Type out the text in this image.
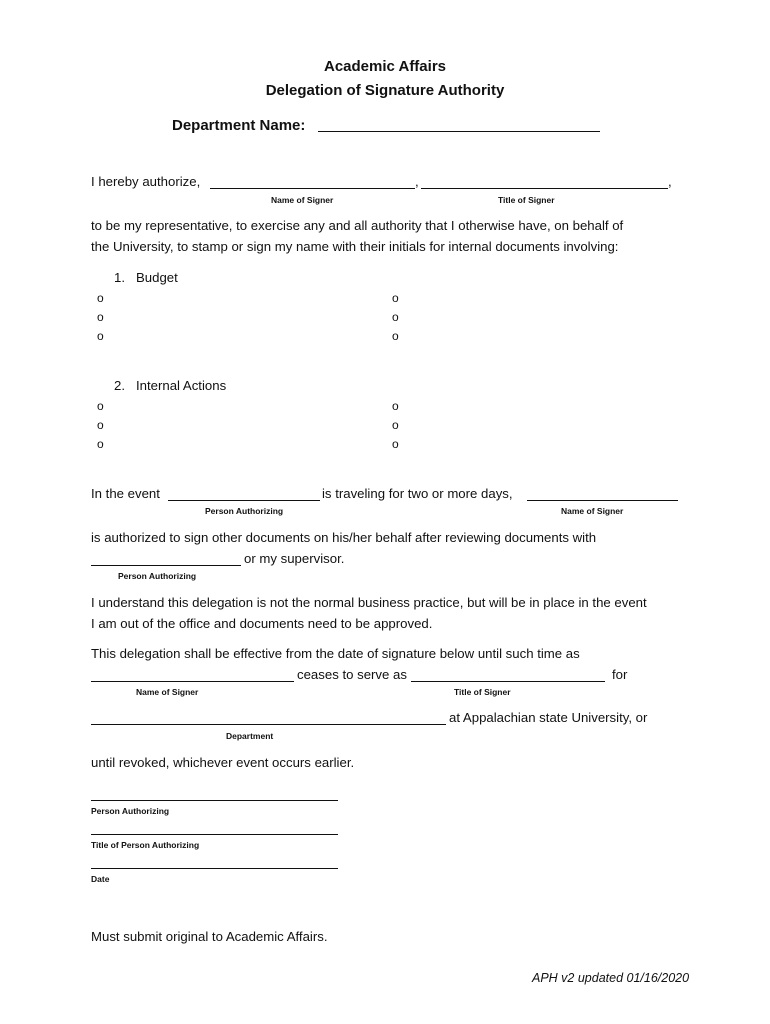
Academic Affairs
Delegation of Signature Authority
Department Name:
I hereby authorize,	,	,
Name of Signer	Title of Signer
to be my representative, to exercise any and all authority that I otherwise have, on behalf of
the University, to stamp or sign my name with their initials for internal documents involving:
1. Budget
o
o
o
o
o
o
2. Internal Actions
o
o
o
o
o
o
In the event	is traveling for two or more days,
Person Authorizing	Name of Signer
is authorized to sign other documents on his/her behalf after reviewing documents with
or my supervisor.
Person Authorizing
I understand this delegation is not the normal business practice, but will be in place in the event
I am out of the office and documents need to be approved.
This delegation shall be effective from the date of signature below until such time as
ceases to serve as	for
Name of Signer	Title of Signer
at Appalachian state University, or
Department
until revoked, whichever event occurs earlier.
Person Authorizing
Title of Person Authorizing
Date
Must submit original to Academic Affairs.
APH v2 updated 01/16/2020
